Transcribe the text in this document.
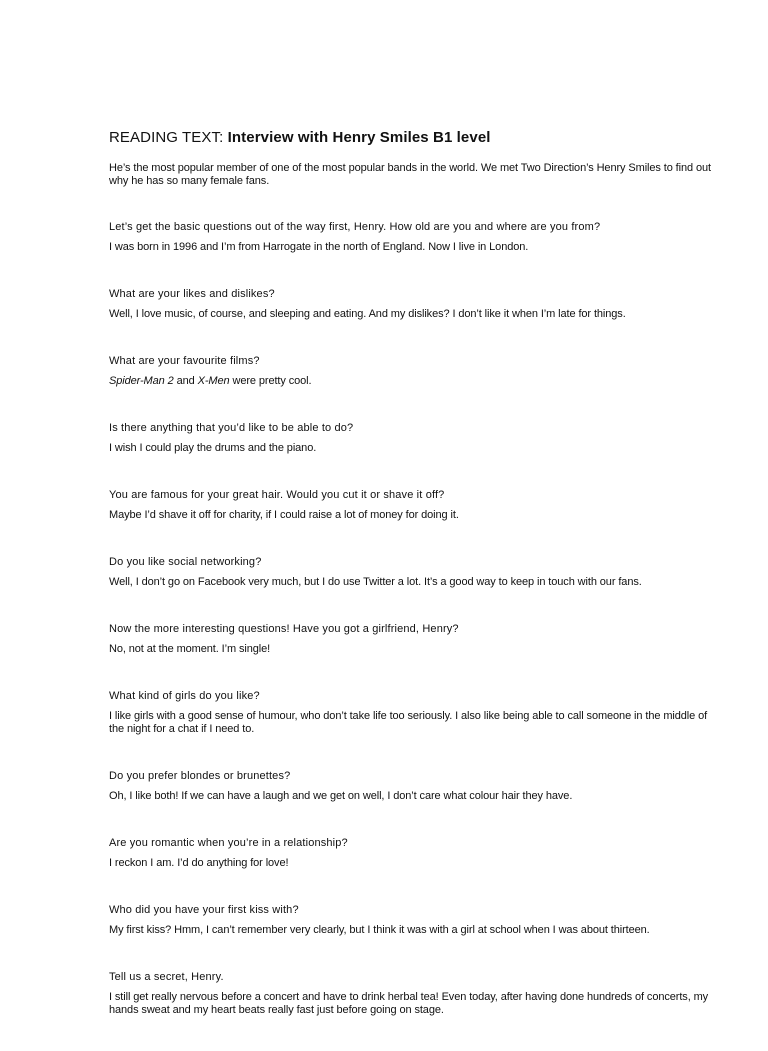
READING TEXT: Interview with Henry Smiles B1 level

He’s the most popular member of one of the most popular bands in the world. We met Two Direction’s Henry Smiles to find out why he has so many female fans.

Let’s get the basic questions out of the way first, Henry. How old are you and where are you from?

I was born in 1996 and I’m from Harrogate in the north of England. Now I live in London.

What are your likes and dislikes?

Well, I love music, of course, and sleeping and eating. And my dislikes? I don’t like it when I’m late for things.

What are your favourite films?

Spider-Man 2 and X-Men were pretty cool.

Is there anything that you’d like to be able to do?

I wish I could play the drums and the piano.

You are famous for your great hair. Would you cut it or shave it off?

Maybe I’d shave it off for charity, if I could raise a lot of money for doing it.

Do you like social networking?

Well, I don’t go on Facebook very much, but I do use Twitter a lot. It’s a good way to keep in touch with our fans.

Now the more interesting questions! Have you got a girlfriend, Henry?

No, not at the moment. I’m single!

What kind of girls do you like?

I like girls with a good sense of humour, who don’t take life too seriously. I also like being able to call someone in the middle of the night for a chat if I need to.

Do you prefer blondes or brunettes?

Oh, I like both! If we can have a laugh and we get on well, I don’t care what colour hair they have.

Are you romantic when you’re in a relationship?

I reckon I am. I’d do anything for love!

Who did you have your first kiss with?

My first kiss? Hmm, I can’t remember very clearly, but I think it was with a girl at school when I was about thirteen.

Tell us a secret, Henry.

I still get really nervous before a concert and have to drink herbal tea! Even today, after having done hundreds of concerts, my hands sweat and my heart beats really fast just before going on stage.
